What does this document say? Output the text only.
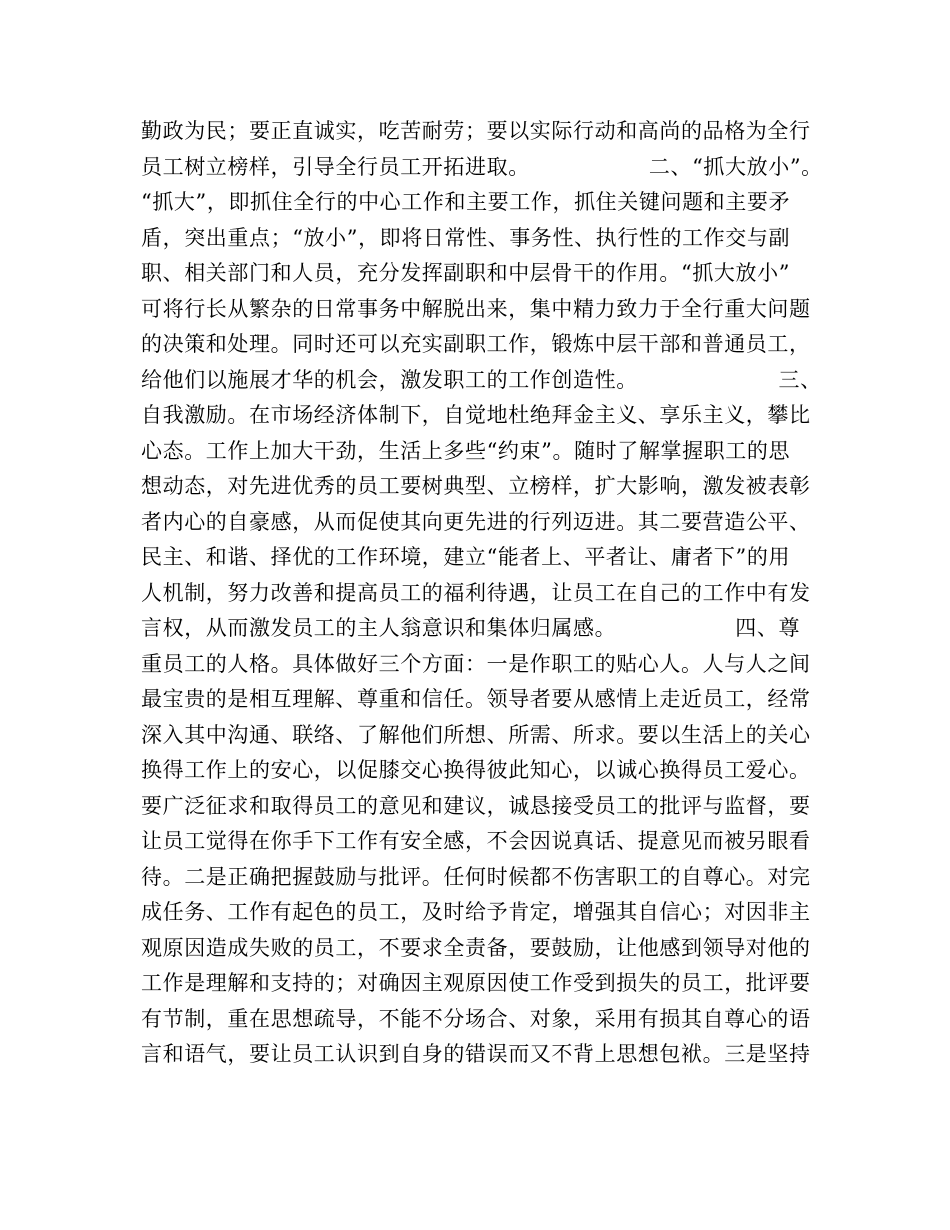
勤政为民；要正直诚实，吃苦耐劳；要以实际行动和高尚的品格为全行
员工树立榜样，引导全行员工开拓进取。　　　　　　二、“抓大放小”。
“抓大”，即抓住全行的中心工作和主要工作，抓住关键问题和主要矛
盾，突出重点；“放小”，即将日常性、事务性、执行性的工作交与副
职、相关部门和人员，充分发挥副职和中层骨干的作用。“抓大放小”
可将行长从繁杂的日常事务中解脱出来，集中精力致力于全行重大问题
的决策和处理。同时还可以充实副职工作，锻炼中层干部和普通员工，
给他们以施展才华的机会，激发职工的工作创造性。　　　　　　　三、
自我激励。在市场经济体制下，自觉地杜绝拜金主义、享乐主义，攀比
心态。工作上加大干劲，生活上多些“约束”。随时了解掌握职工的思
想动态，对先进优秀的员工要树典型、立榜样，扩大影响，激发被表彰
者内心的自豪感，从而促使其向更先进的行列迈进。其二要营造公平、
民主、和谐、择优的工作环境，建立“能者上、平者让、庸者下”的用
人机制，努力改善和提高员工的福利待遇，让员工在自己的工作中有发
言权，从而激发员工的主人翁意识和集体归属感。　　　　　　四、尊
重员工的人格。具体做好三个方面：一是作职工的贴心人。人与人之间
最宝贵的是相互理解、尊重和信任。领导者要从感情上走近员工，经常
深入其中沟通、联络、了解他们所想、所需、所求。要以生活上的关心
换得工作上的安心，以促膝交心换得彼此知心，以诚心换得员工爱心。
要广泛征求和取得员工的意见和建议，诚恳接受员工的批评与监督，要
让员工觉得在你手下工作有安全感，不会因说真话、提意见而被另眼看
待。二是正确把握鼓励与批评。任何时候都不伤害职工的自尊心。对完
成任务、工作有起色的员工，及时给予肯定，增强其自信心；对因非主
观原因造成失败的员工，不要求全责备，要鼓励，让他感到领导对他的
工作是理解和支持的；对确因主观原因使工作受到损失的员工，批评要
有节制，重在思想疏导，不能不分场合、对象，采用有损其自尊心的语
言和语气，要让员工认识到自身的错误而又不背上思想包袱。三是坚持
